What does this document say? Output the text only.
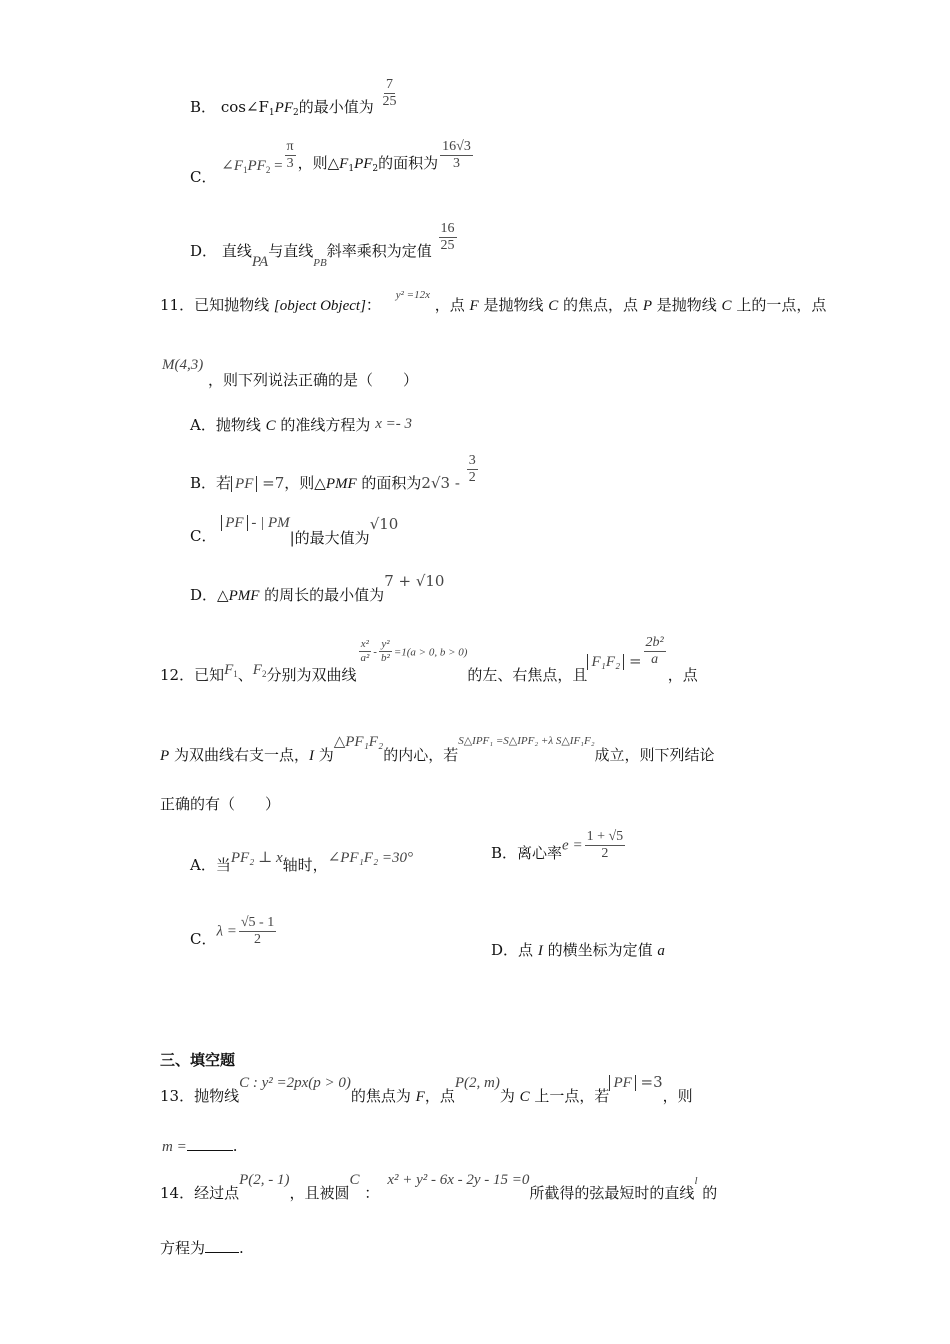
B． $\cos\angle F_1PF_2$的最小值为 $\frac{7}{25}$
C． $\angle F_1PF_2 = \frac{\pi}{3}$ ，则$\triangle F_1PF_2$的面积为 $\frac{16√3}{3}$
D． 直线PA与直线$_{PB}$斜率乘积为定值 $\frac{16}{25}$
11．已知抛物线 [object Object]： y² =12x ，点 F 是抛物线 C 的焦点，点 P 是抛物线 C 上的一点，点
M(4,3) ，则下列说法正确的是（　　）
A．抛物线 C 的准线方程为 x =- 3
B．若 PF =7，则△PMF 的面积为$2√3 - \frac{3}{2}$
C． PF - | PM|的最大值为√10
D．△PMF 的周长的最小值为7 + √10
12．已知$F_1$、$F_2$分别为双曲线
$\frac{\text{x²}}{\text{a²}} - \frac{\text{y²}}{\text{b²}} =1(a > 0$, b > 0)的左、右焦点，且$F_1F_2 = \frac{\text{2b²}}{a}$
，点
P 为双曲线右支一点，I 为△PF₁F₂的内心，若S△IPF₁ =S△IPF₂ +λ S△IF₁F₂成立，则下列结论
正确的有（　　）
A．当PF₂ ⊥ x轴时，∠PF₁F₂ =30°	B．离心率$e = \frac{1 + √5}{2}$
C．$\lambda = \frac{√5 - 1}{2}$
D．点 I 的横坐标为定值 a
三、填空题
13．抛物线C : y² =2px(p > 0)的焦点为 F，点P(2, m)为 C 上一点，若PF =3，则
m =	.
14．经过点P(2, - 1)，且被圆C ：x² + y² - 6x - 2y - 15 =0所截得的弦最短时的直线l 的
方程为 .
